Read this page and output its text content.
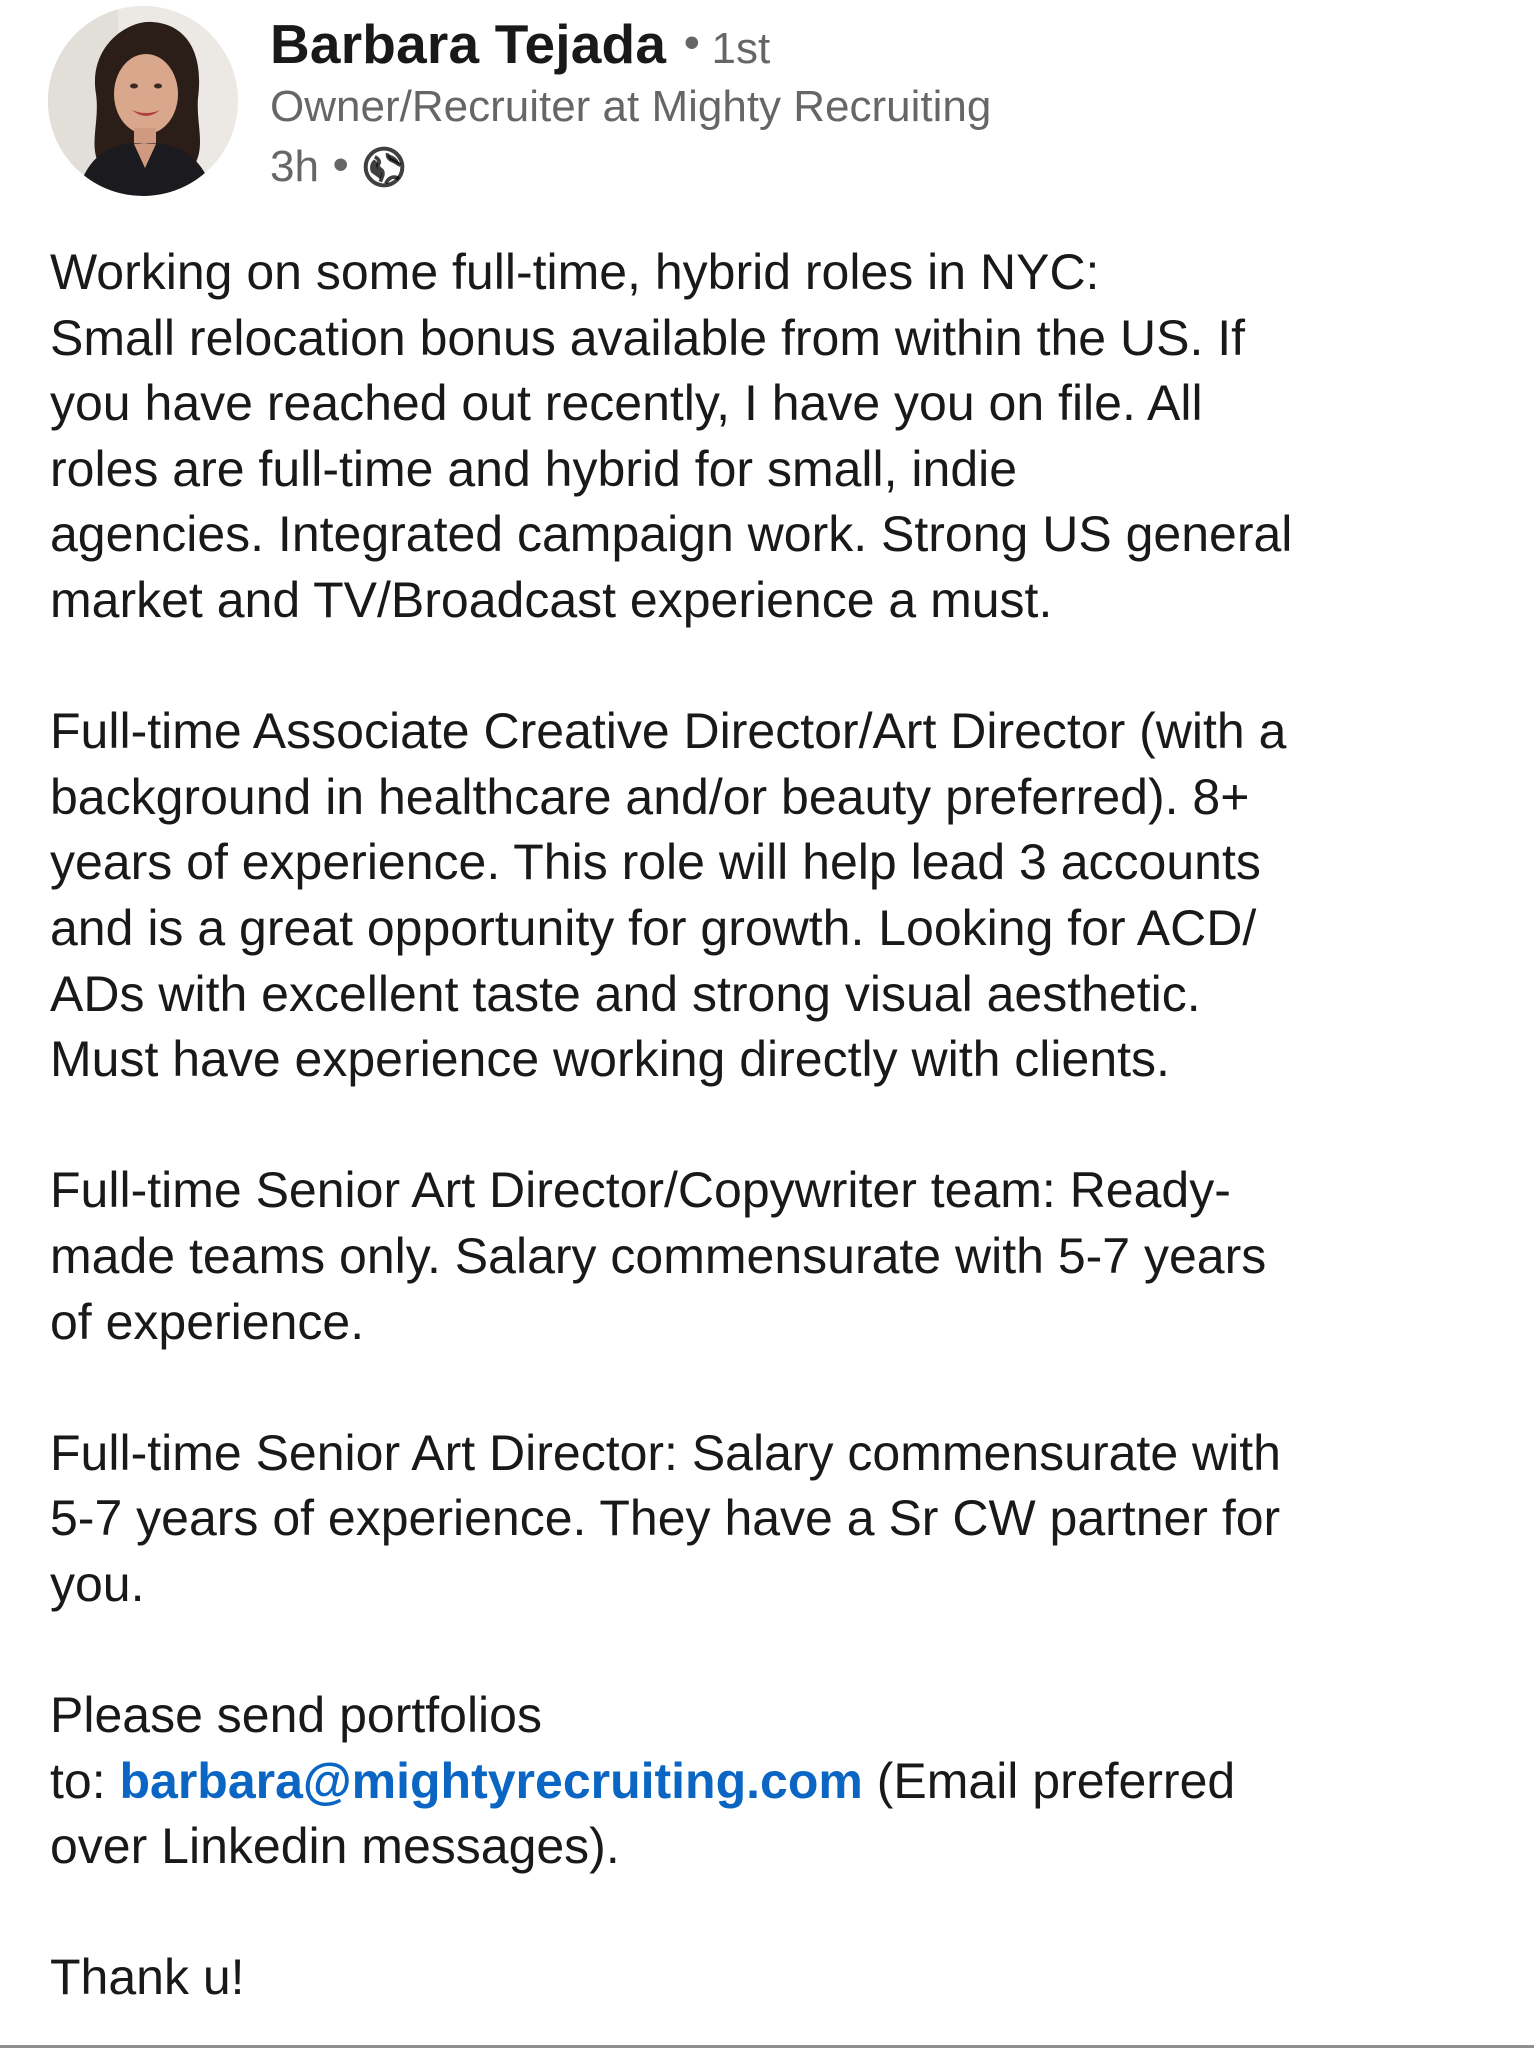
Barbara Tejada • 1st
Owner/Recruiter at Mighty Recruiting
3h •

Working on some full-time, hybrid roles in NYC:
Small relocation bonus available from within the US. If
you have reached out recently, I have you on file. All
roles are full-time and hybrid for small, indie
agencies. Integrated campaign work. Strong US general
market and TV/Broadcast experience a must.

Full-time Associate Creative Director/Art Director (with a
background in healthcare and/or beauty preferred). 8+
years of experience. This role will help lead 3 accounts
and is a great opportunity for growth. Looking for ACD/
ADs with excellent taste and strong visual aesthetic.
Must have experience working directly with clients.

Full-time Senior Art Director/Copywriter team: Ready-
made teams only. Salary commensurate with 5-7 years
of experience.

Full-time Senior Art Director: Salary commensurate with
5-7 years of experience. They have a Sr CW partner for
you.

Please send portfolios
to: barbara@mightyrecruiting.com (Email preferred
over Linkedin messages).

Thank u!
